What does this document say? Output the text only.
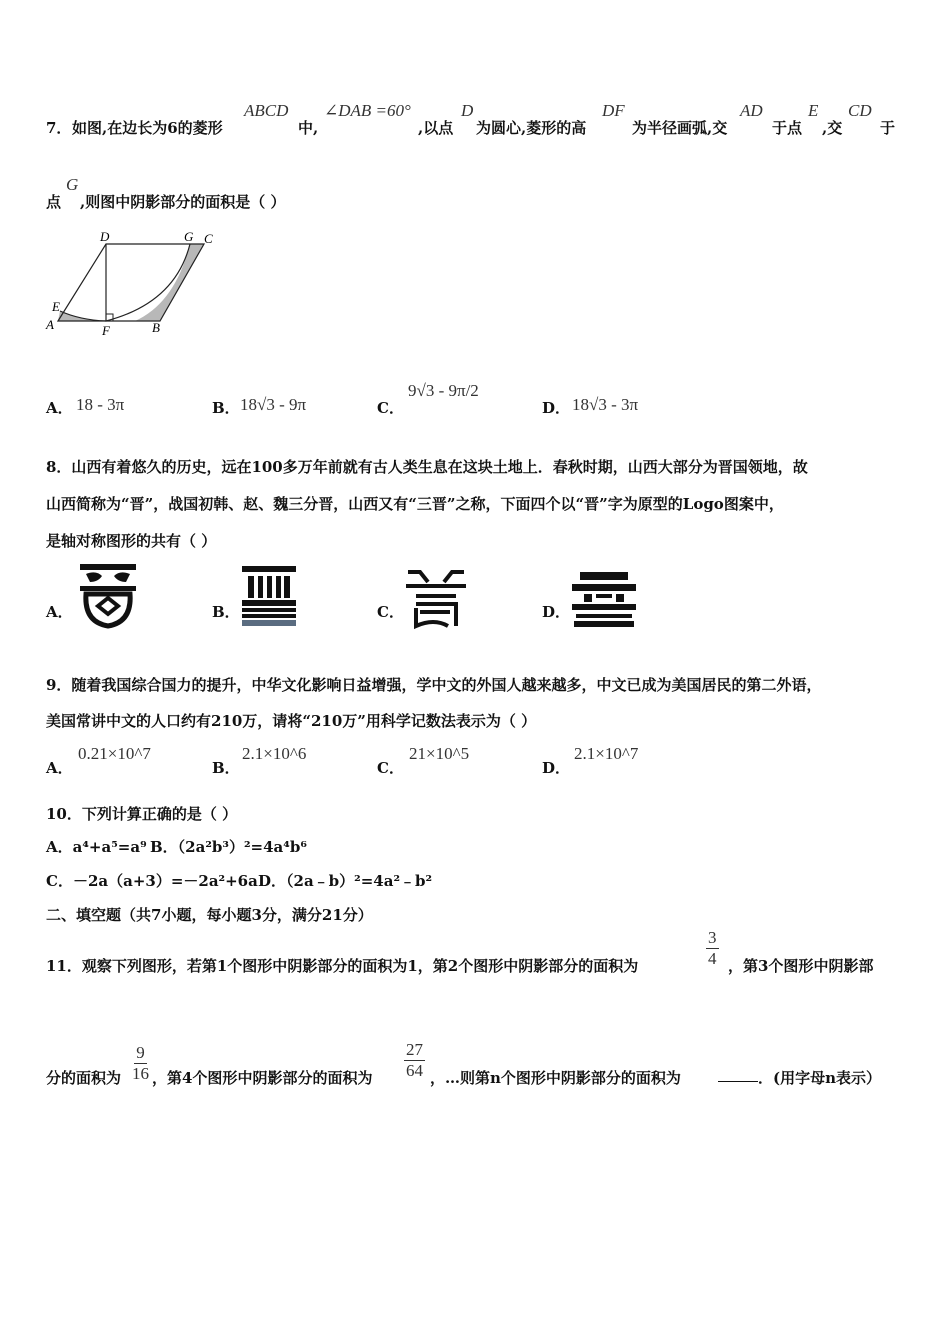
7． 如图,在边长为6的菱形
ABCD
中,
∠DAB =60°
,以点
D
为圆心,菱形的高
DF
为半径画弧,交
AD
于点
E
,交
CD
于
点
G
,则图中阴影部分的面积是（ ）
D	G C
E
A	F	B
A． 18 - 3π	B． 18√3 - 9π	C．
9√3 - 9π/2
D． 18√3 - 3π
8．山西有着悠久的历史，远在100多万年前就有古人类生息在这块土地上．春秋时期，山西大部分为晋国领地，故
山西简称为“晋”，战国初韩、赵、魏三分晋，山西又有“三晋”之称，下面四个以“晋”字为原型的Logo图案中，
是轴对称图形的共有（ ）
A．	B．	C．	D．
9．随着我国综合国力的提升，中华文化影响日益增强，学中文的外国人越来越多，中文已成为美国居民的第二外语，
美国常讲中文的人口约有210万，请将“210万”用科学记数法表示为（ ）
A．
0.21×10^7
B．
2.1×10^6
C．
21×10^5
D．
2.1×10^7
10．下列计算正确的是（ ）
A．a⁴+a⁵=a⁹ B．（2a²b³）²=4a⁴b⁶
C．－2a（a+3）=－2a²+6a D．（2a﹣b）²=4a²﹣b²
二、填空题（共7小题，每小题3分，满分21分）
11．观察下列图形，若第1个图形中阴影部分的面积为1，第2个图形中阴影部分的面积为	$\frac{3}{4}$ ，第3个图形中阴影部
分的面积为 $\frac{9}{16}$ ，第4个图形中阴影部分的面积为 $\frac{27}{64}$ ，…则第n个图形中阴影部分的面积为	．(用字母n表示）
